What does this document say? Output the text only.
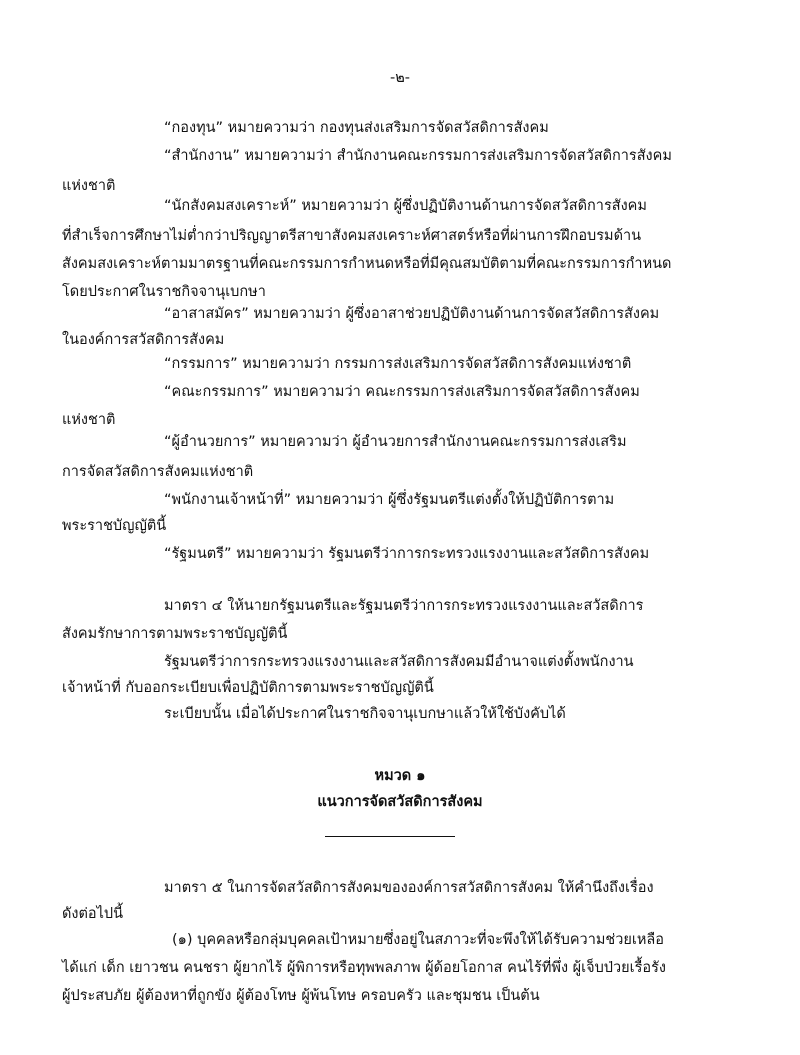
-๒-
“กองทุน” หมายความว่า กองทุนส่งเสริมการจัดสวัสดิการสังคม
“สำนักงาน” หมายความว่า สำนักงานคณะกรรมการส่งเสริมการจัดสวัสดิการสังคม
แห่งชาติ
“นักสังคมสงเคราะห์” หมายความว่า ผู้ซึ่งปฏิบัติงานด้านการจัดสวัสดิการสังคม
ที่สำเร็จการศึกษาไม่ต่ำกว่าปริญญาตรีสาขาสังคมสงเคราะห์ศาสตร์หรือที่ผ่านการฝึกอบรมด้าน
สังคมสงเคราะห์ตามมาตรฐานที่คณะกรรมการกำหนดหรือที่มีคุณสมบัติตามที่คณะกรรมการกำหนด
โดยประกาศในราชกิจจานุเบกษา
“อาสาสมัคร” หมายความว่า ผู้ซึ่งอาสาช่วยปฏิบัติงานด้านการจัดสวัสดิการสังคม
ในองค์การสวัสดิการสังคม
“กรรมการ” หมายความว่า กรรมการส่งเสริมการจัดสวัสดิการสังคมแห่งชาติ
“คณะกรรมการ” หมายความว่า คณะกรรมการส่งเสริมการจัดสวัสดิการสังคม
แห่งชาติ
“ผู้อำนวยการ” หมายความว่า ผู้อำนวยการสำนักงานคณะกรรมการส่งเสริม
การจัดสวัสดิการสังคมแห่งชาติ
“พนักงานเจ้าหน้าที่” หมายความว่า ผู้ซึ่งรัฐมนตรีแต่งตั้งให้ปฏิบัติการตาม
พระราชบัญญัตินี้
“รัฐมนตรี” หมายความว่า รัฐมนตรีว่าการกระทรวงแรงงานและสวัสดิการสังคม
มาตรา ๔ ให้นายกรัฐมนตรีและรัฐมนตรีว่าการกระทรวงแรงงานและสวัสดิการ
สังคมรักษาการตามพระราชบัญญัตินี้
รัฐมนตรีว่าการกระทรวงแรงงานและสวัสดิการสังคมมีอำนาจแต่งตั้งพนักงาน
เจ้าหน้าที่ กับออกระเบียบเพื่อปฏิบัติการตามพระราชบัญญัตินี้
ระเบียบนั้น เมื่อได้ประกาศในราชกิจจานุเบกษาแล้วให้ใช้บังคับได้
หมวด ๑
แนวการจัดสวัสดิการสังคม
มาตรา ๕ ในการจัดสวัสดิการสังคมขององค์การสวัสดิการสังคม ให้คำนึงถึงเรื่อง
ดังต่อไปนี้
(๑) บุคคลหรือกลุ่มบุคคลเป้าหมายซึ่งอยู่ในสภาวะที่จะพึงให้ได้รับความช่วยเหลือ
ได้แก่ เด็ก เยาวชน คนชรา ผู้ยากไร้ ผู้พิการหรือทุพพลภาพ ผู้ด้อยโอกาส คนไร้ที่พึ่ง ผู้เจ็บป่วยเรื้อรัง
ผู้ประสบภัย ผู้ต้องหาที่ถูกขัง ผู้ต้องโทษ ผู้พ้นโทษ ครอบครัว และชุมชน เป็นต้น
